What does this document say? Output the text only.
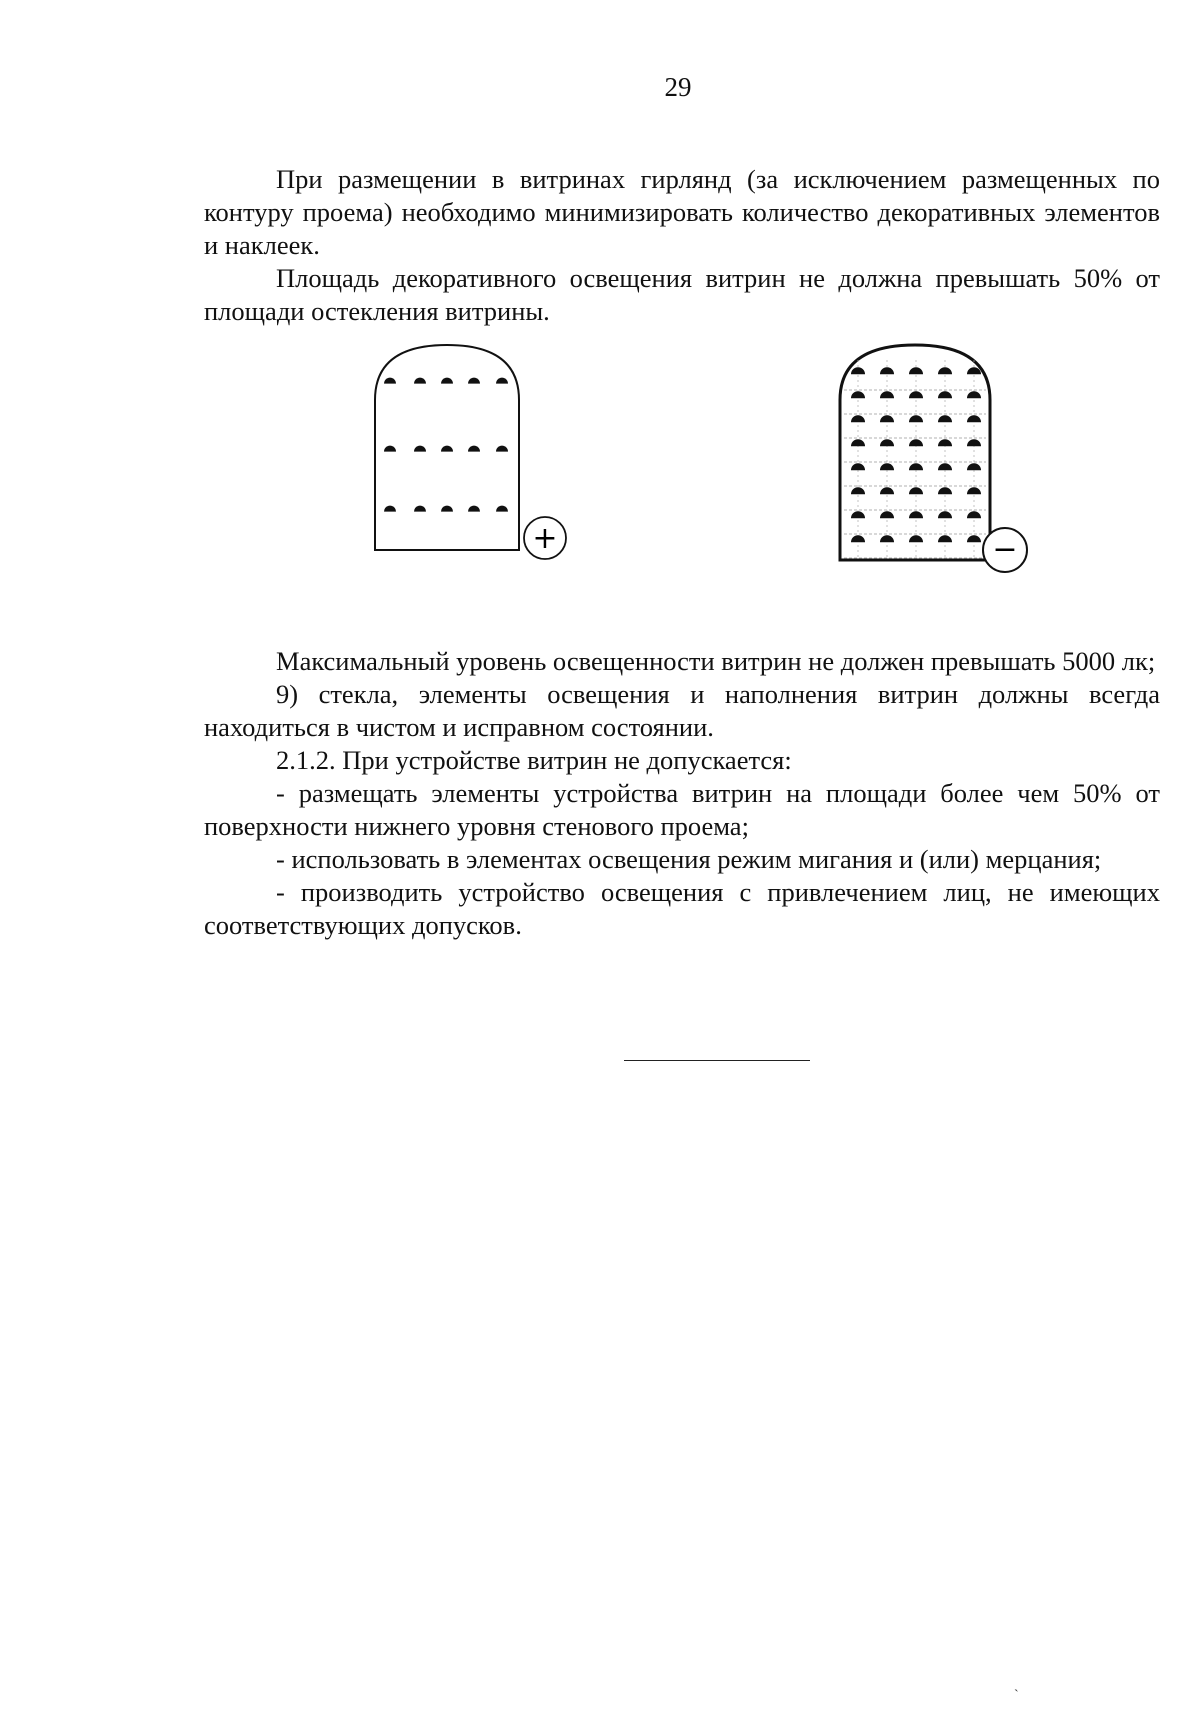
29

При размещении в витринах гирлянд (за исключением размещенных по контуру проема) необходимо минимизировать количество декоративных элементов и наклеек.

Площадь декоративного освещения витрин не должна превышать 50% от площади остекления витрины.

+	−

Максимальный уровень освещенности витрин не должен превышать 5000 лк;

9) стекла, элементы освещения и наполнения витрин должны всегда находиться в чистом и исправном состоянии.

2.1.2. При устройстве витрин не допускается:

- размещать элементы устройства витрин на площади более чем 50% от поверхности нижнего уровня стенового проема;

- использовать в элементах освещения режим мигания и (или) мерцания;

- производить устройство освещения с привлечением лиц, не имеющих соответствующих допусков.

`
